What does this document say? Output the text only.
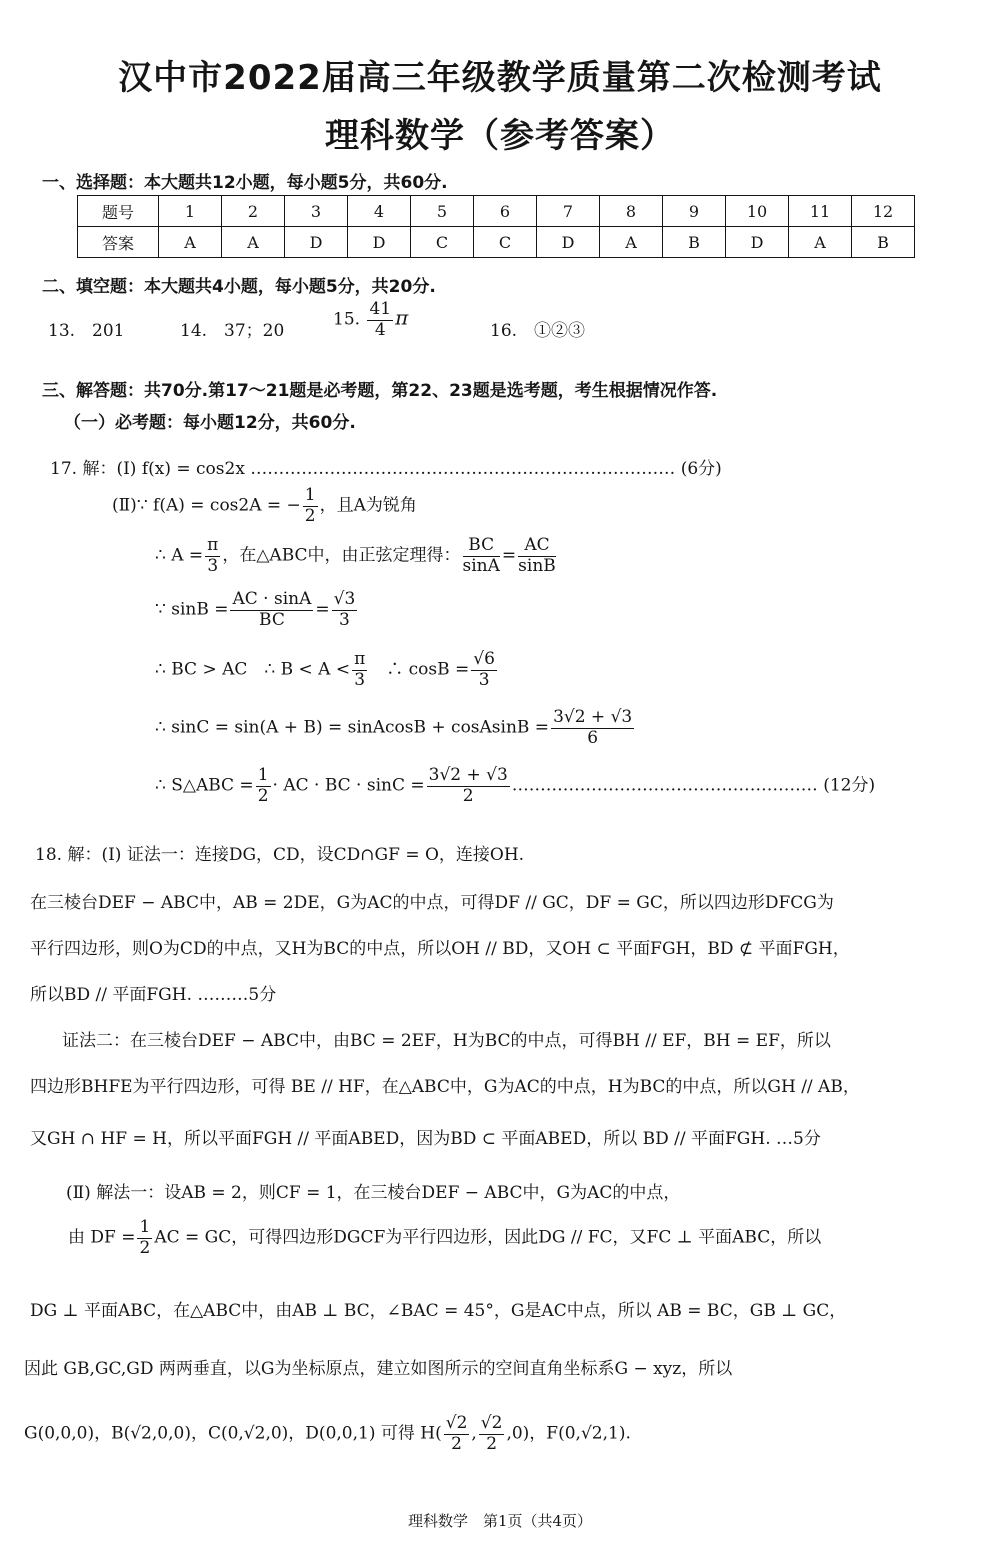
汉中市2022届高三年级教学质量第二次检测考试
理科数学（参考答案）
一、选择题：本大题共12小题，每小题5分，共60分.
题号	1	2	3	4	5	6	7	8	9	10	11	12
答案	A	A	D	D	C	C	D	A	B	D	A	B
二、填空题：本大题共4小题，每小题5分，共20分.
13.　201	14.　37；20
15. $\frac{41}{4}$ π
16.　①②③
三、解答题：共70分.第17～21题是必考题，第22、23题是选考题，考生根据情况作答.
（一）必考题：每小题12分，共60分.
17. 解：(Ⅰ) f(x) = cos2x ………………………………………………………………… (6分)
(Ⅱ)∵ f(A) = cos2A = − $\frac{1}{2}$ ，且A为锐角
∴ $A = \frac{\pi}{3}$ ，在△ABC中，由正弦定理得： $\frac{BC}{\sin A} = \frac{AC}{\sin B}$
∵ $\sin B = \frac{AC \cdot \sin A}{BC} = \frac{√3}{3}$
∴ BC > AC　∴ $B < A < \frac{\pi}{3}$ 　∴ $\cos B = \frac{√6}{3}$
∴ sinC = sin(A + B) = sinAcosB + cosAsinB = $\frac{3√2 + √3}{6}$
∴ S△ABC = $\frac{1}{2}$ · AC · BC · $\sin C = \frac{3√2 + √3}{2}$ ……………………………………………… (12分)
18. 解：(Ⅰ) 证法一：连接DG，CD，设CD∩GF = O，连接OH.
在三棱台DEF − ABC中，AB = 2DE，G为AC的中点，可得DF // GC，DF = GC，所以四边形DFCG为
平行四边形，则O为CD的中点，又H为BC的中点，所以OH // BD，又OH ⊂ 平面FGH，BD ⊄ 平面FGH，
所以BD // 平面FGH. ………5分
证法二：在三棱台DEF − ABC中，由BC = 2EF，H为BC的中点，可得BH // EF，BH = EF，所以
四边形BHFE为平行四边形，可得 BE // HF，在△ABC中，G为AC的中点，H为BC的中点，所以GH // AB，
又GH ∩ HF = H，所以平面FGH // 平面ABED，因为BD ⊂ 平面ABED，所以 BD // 平面FGH. …5分
(Ⅱ) 解法一：设AB = 2，则CF = 1，在三棱台DEF − ABC中，G为AC的中点，
由 DF = $\frac{1}{2}$ AC = GC，可得四边形DGCF为平行四边形，因此DG // FC，又FC ⊥ 平面ABC，所以
DG ⊥ 平面ABC，在△ABC中，由AB ⊥ BC，∠BAC = 45°，G是AC中点，所以 AB = BC，GB ⊥ GC，
因此 GB,GC,GD 两两垂直，以G为坐标原点，建立如图所示的空间直角坐标系G − xyz，所以
G(0,0,0)，B(√2,0,0)，C(0,√2,0)，D(0,0,1) 可得 $H( \frac{√2}{2}$ , $\frac{√2}{2} ,0$)，F(0,√2,1).
理科数学　第1页（共4页）
